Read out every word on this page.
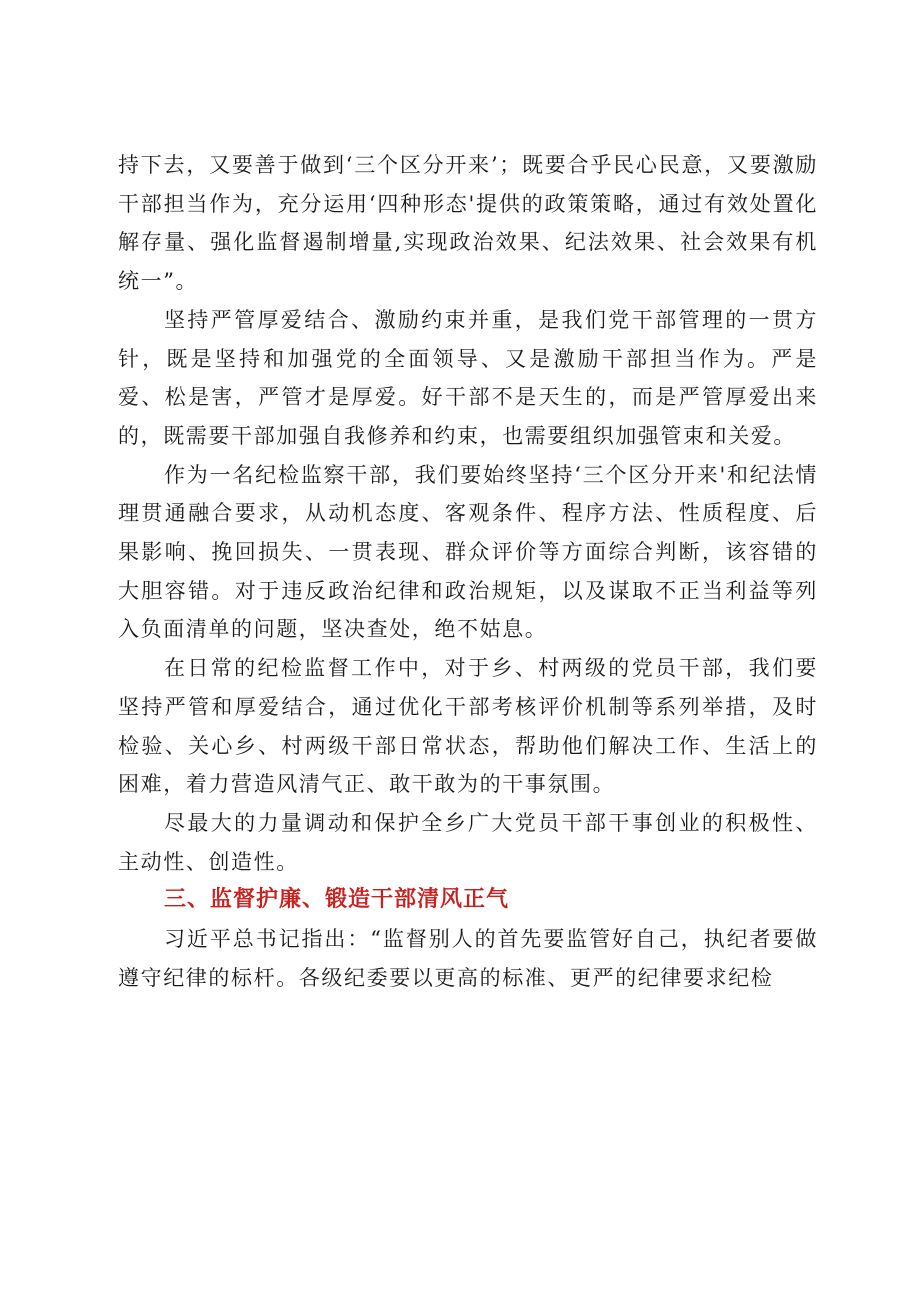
持下去，又要善于做到‘三个区分开来’；既要合乎民心民意，又要激励干部担当作为，充分运用‘四种形态'提供的政策策略，通过有效处置化解存量、强化监督遏制增量,实现政治效果、纪法效果、社会效果有机统一”。

坚持严管厚爱结合、激励约束并重，是我们党干部管理的一贯方针，既是坚持和加强党的全面领导、又是激励干部担当作为。严是爱、松是害，严管才是厚爱。好干部不是天生的，而是严管厚爱出来的，既需要干部加强自我修养和约束，也需要组织加强管束和关爱。

作为一名纪检监察干部，我们要始终坚持‘三个区分开来'和纪法情理贯通融合要求，从动机态度、客观条件、程序方法、性质程度、后果影响、挽回损失、一贯表现、群众评价等方面综合判断，该容错的大胆容错。对于违反政治纪律和政治规矩，以及谋取不正当利益等列入负面清单的问题，坚决查处，绝不姑息。

在日常的纪检监督工作中，对于乡、村两级的党员干部，我们要坚持严管和厚爱结合，通过优化干部考核评价机制等系列举措，及时检验、关心乡、村两级干部日常状态，帮助他们解决工作、生活上的困难，着力营造风清气正、敢干敢为的干事氛围。

尽最大的力量调动和保护全乡广大党员干部干事创业的积极性、主动性、创造性。

三、监督护廉、锻造干部清风正气

习近平总书记指出：“监督别人的首先要监管好自己，执纪者要做遵守纪律的标杆。各级纪委要以更高的标准、更严的纪律要求纪检
